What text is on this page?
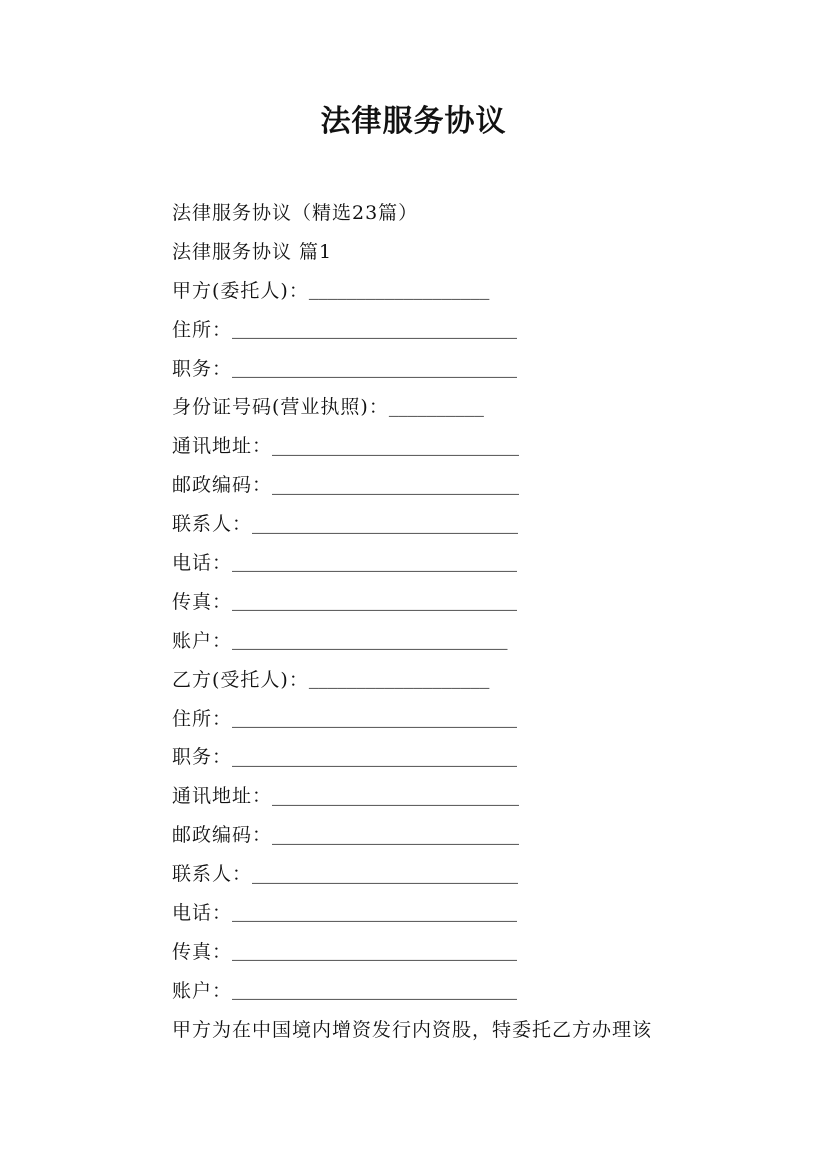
法律服务协议
法律服务协议（精选23篇）
法律服务协议 篇1
甲方(委托人)： ___________________
住所： ______________________________
职务： ______________________________
身份证号码(营业执照)： __________
通讯地址： __________________________
邮政编码： __________________________
联系人： ____________________________
电话： ______________________________
传真： ______________________________
账户： _____________________________
乙方(受托人)： ___________________
住所： ______________________________
职务： ______________________________
通讯地址： __________________________
邮政编码： __________________________
联系人： ____________________________
电话： ______________________________
传真： ______________________________
账户： ______________________________
甲方为在中国境内增资发行内资股，特委托乙方办理该
